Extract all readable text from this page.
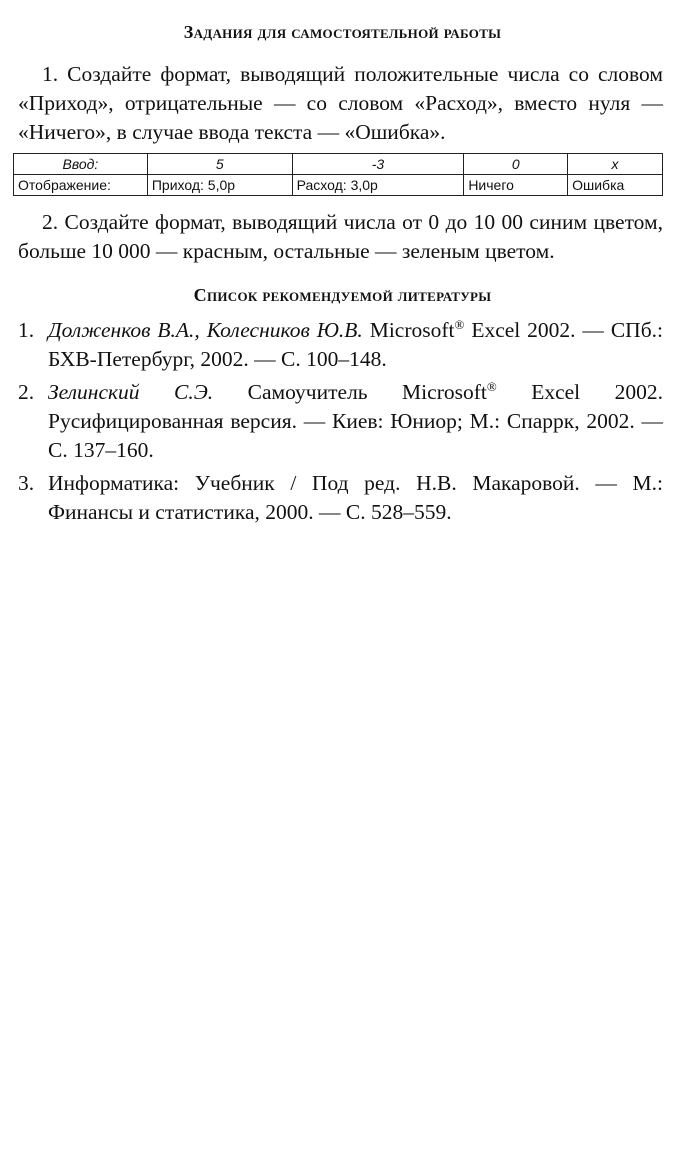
Задания для самостоятельной работы

1. Создайте формат, выводящий положительные числа со словом «Приход», отрицательные — со словом «Расход», вместо нуля — «Ничего», в случае ввода текста — «Ошибка».

Ввод:	5	-3	0	x
Отображение:	Приход: 5,0р	Расход: 3,0р	Ничего	Ошибка

2. Создайте формат, выводящий числа от 0 до 10 00 синим цветом, больше 10 000 — красным, остальные — зеленым цветом.

Список рекомендуемой литературы
1. Долженков В.А., Колесников Ю.В. Microsoft® Excel 2002. — СПб.: БХВ-Петербург, 2002. — С. 100–148.
2. Зелинский С.Э. Самоучитель Microsoft® Excel 2002. Русифицированная версия. — Киев: Юниор; М.: Спаррк, 2002. — С. 137–160.
3. Информатика: Учебник / Под ред. Н.В. Макаровой. — М.: Финансы и статистика, 2000. — С. 528–559.
